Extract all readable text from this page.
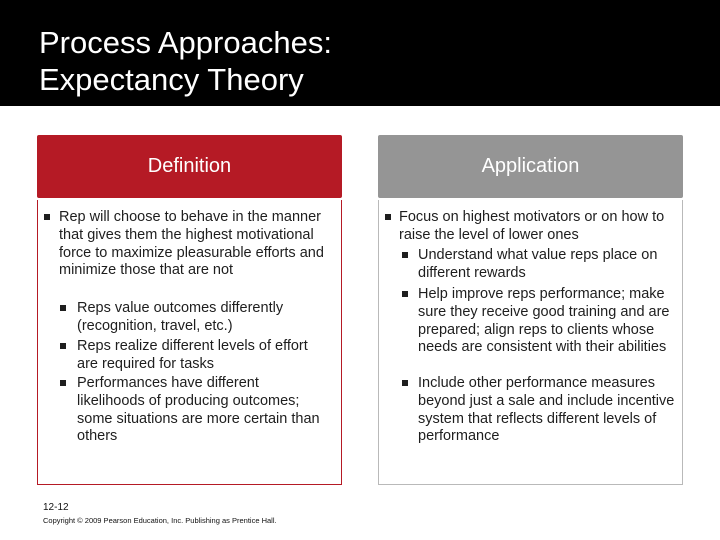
Process Approaches:
Expectancy Theory
Definition
Rep will choose to behave in the manner that gives them the highest motivational force to maximize pleasurable efforts and minimize those that are not
Reps value outcomes differently (recognition, travel, etc.)
Reps realize different levels of effort are required for tasks
Performances have different likelihoods of producing outcomes; some situations are more certain than others
Application
Focus on highest motivators or on how to raise the level of lower ones
Understand what value reps place on different rewards
Help improve reps performance; make sure they receive good training and are prepared; align reps to clients whose needs are consistent with their abilities
Include other performance measures beyond just a sale and include incentive system that reflects different levels of performance
12-12
Copyright © 2009 Pearson Education, Inc. Publishing as Prentice Hall.
